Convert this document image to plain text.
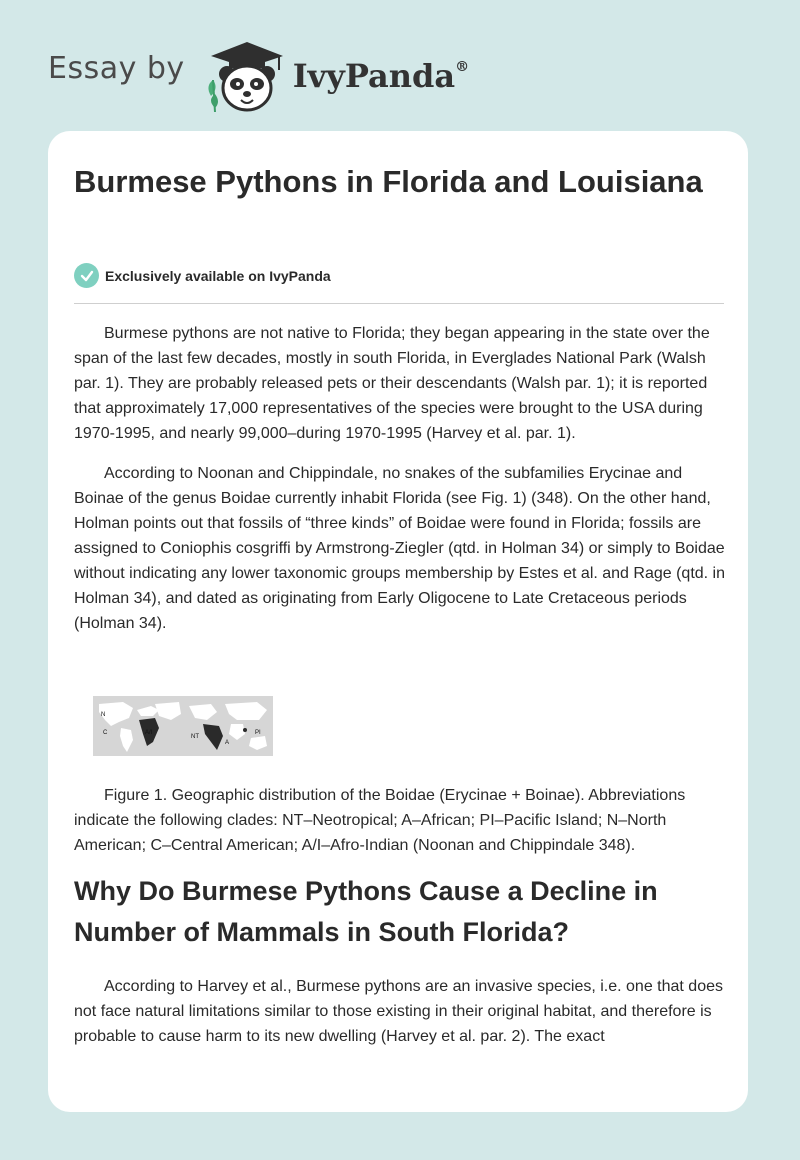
Essay by	IvyPanda®
Burmese Pythons in Florida and Louisiana
Exclusively available on IvyPanda

Burmese pythons are not native to Florida; they began appearing in the state over the span of the last few decades, mostly in south Florida, in Everglades National Park (Walsh par. 1). They are probably released pets or their descendants (Walsh par. 1); it is reported that approximately 17,000 representatives of the species were brought to the USA during 1970-1995, and nearly 99,000–during 1970-1995 (Harvey et al. par. 1).

According to Noonan and Chippindale, no snakes of the subfamilies Erycinae and Boinae of the genus Boidae currently inhabit Florida (see Fig. 1) (348). On the other hand, Holman points out that fossils of “three kinds” of Boidae were found in Florida; fossils are assigned to Coniophis cosgriffi by Armstrong-Ziegler (qtd. in Holman 34) or simply to Boidae without indicating any lower taxonomic groups membership by Estes et al. and Rage (qtd. in Holman 34), and dated as originating from Early Oligocene to Late Cretaceous periods (Holman 34).

N
C	A/I
NT
A
PI

Figure 1. Geographic distribution of the Boidae (Erycinae + Boinae). Abbreviations indicate the following clades: NT–Neotropical; A–African; PI–Pacific Island; N–North American; C–Central American; A/I–Afro-Indian (Noonan and Chippindale 348).

Why Do Burmese Pythons Cause a Decline in Number of Mammals in South Florida?

According to Harvey et al., Burmese pythons are an invasive species, i.e. one that does not face natural limitations similar to those existing in their original habitat, and therefore is probable to cause harm to its new dwelling (Harvey et al. par. 2). The exact
